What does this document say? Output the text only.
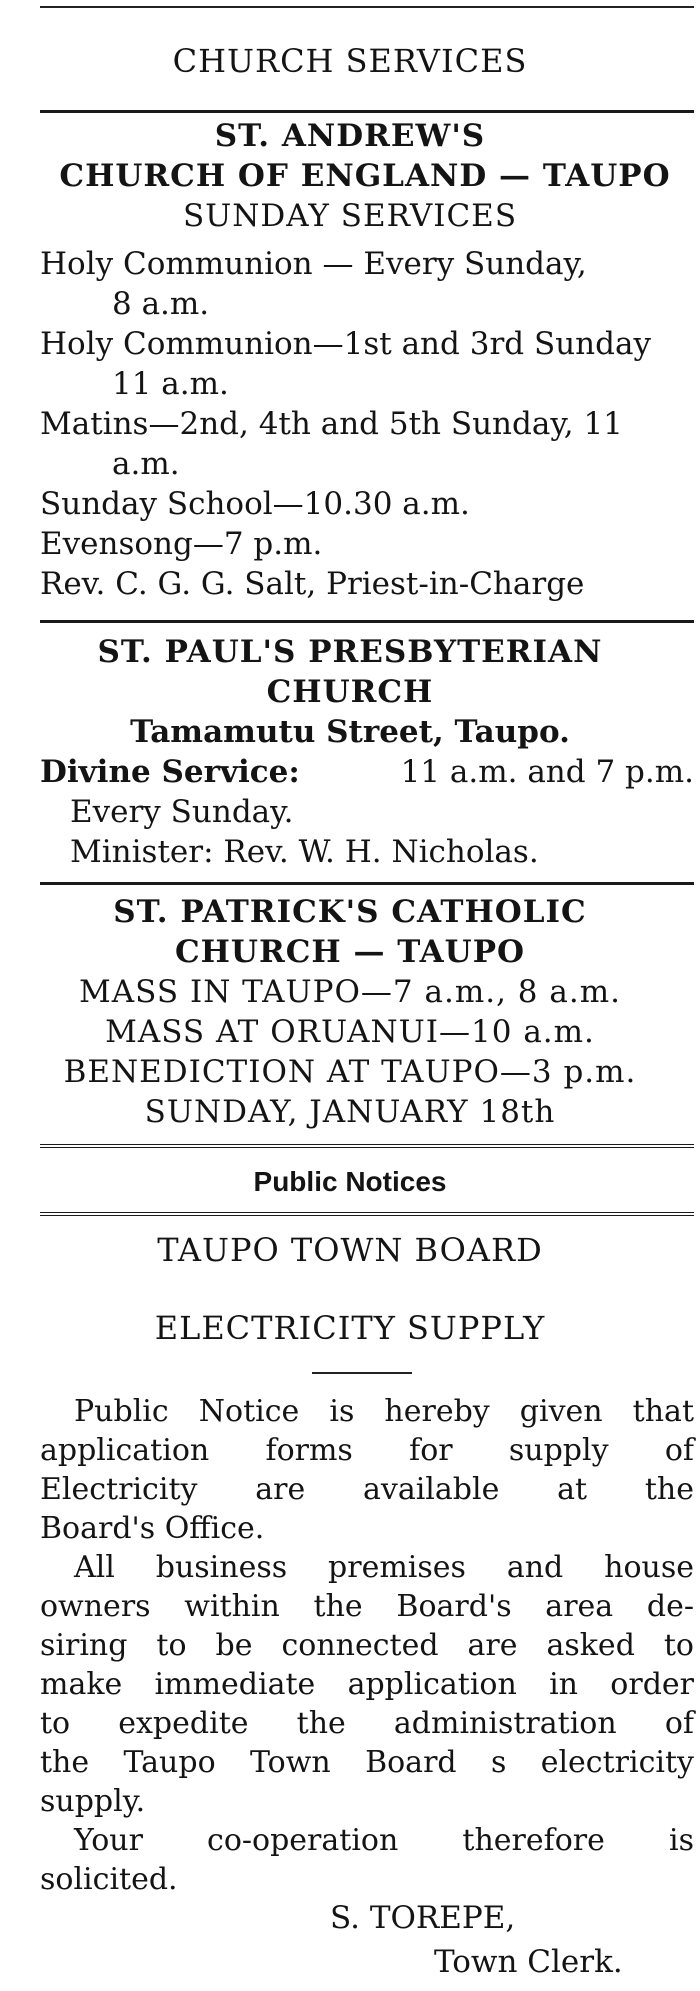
CHURCH SERVICES
ST. ANDREW'S
CHURCH OF ENGLAND — TAUPO
SUNDAY SERVICES
Holy Communion — Every Sunday,
8 a.m.
Holy Communion—1st and 3rd Sunday
11 a.m.
Matins—2nd, 4th and 5th Sunday, 11
a.m.
Sunday School—10.30 a.m.
Evensong—7 p.m.
Rev. C. G. G. Salt, Priest-in-Charge
ST. PAUL'S PRESBYTERIAN
CHURCH
Tamamutu Street, Taupo.
Divine Service:	11 a.m. and 7 p.m.
Every Sunday.
Minister: Rev. W. H. Nicholas.
ST. PATRICK'S CATHOLIC
CHURCH — TAUPO
MASS IN TAUPO—7 a.m., 8 a.m.
MASS AT ORUANUI—10 a.m.
BENEDICTION AT TAUPO—3 p.m.
SUNDAY, JANUARY 18th
Public Notices
TAUPO TOWN BOARD
ELECTRICITY SUPPLY
Public Notice is hereby given that
application forms for supply of
Electricity are available at the
Board's Office.
All business premises and house
owners within the Board's area de-
siring to be connected are asked to
make immediate application in order
to expedite the administration of
the Taupo Town Board s electricity
supply.
Your co-operation therefore is
solicited.
S. TOREPE,
Town Clerk.
